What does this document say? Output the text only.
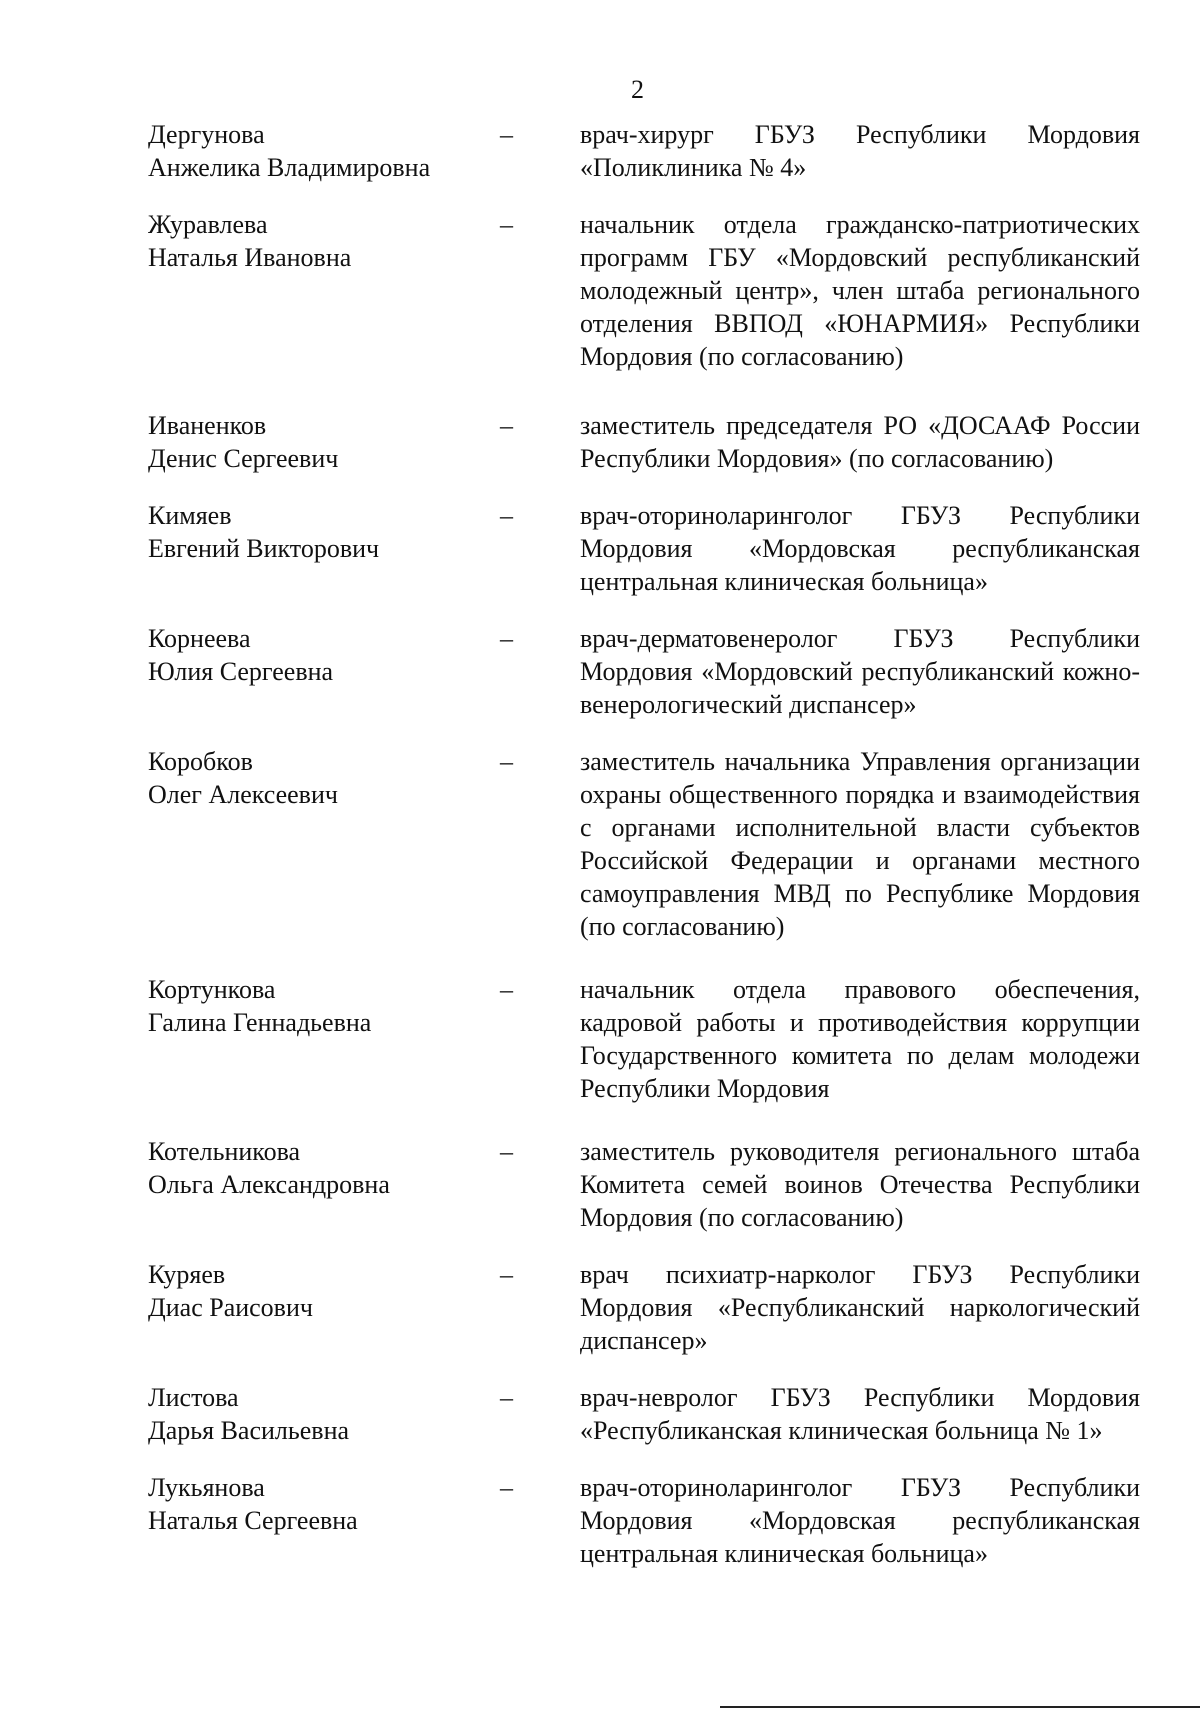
2
Дергунова
Анжелика Владимировна
–	врач-хирург ГБУЗ Республики Мордовия «Поликлиника № 4»
Журавлева
Наталья Ивановна
–	начальник отдела гражданско-патриотических программ ГБУ «Мордовский республиканский молодежный центр», член штаба регионального отделения ВВПОД «ЮНАРМИЯ» Республики Мордовия (по согласованию)
Иваненков
Денис Сергеевич
–	заместитель председателя РО «ДОСААФ России Республики Мордовия» (по согласованию)
Кимяев
Евгений Викторович
–	врач-оториноларинголог ГБУЗ Республики Мордовия «Мордовская республиканская центральная клиническая больница»
Корнеева
Юлия Сергеевна
–	врач-дерматовенеролог ГБУЗ Республики Мордовия «Мордовский республиканский кожно-венерологический диспансер»
Коробков
Олег Алексеевич
–	заместитель начальника Управления организации охраны общественного порядка и взаимодействия с органами исполнительной власти субъектов Российской Федерации и органами местного самоуправления МВД по Республике Мордовия (по согласованию)
Кортункова
Галина Геннадьевна
–	начальник отдела правового обеспечения, кадровой работы и противодействия коррупции Государственного комитета по делам молодежи Республики Мордовия
Котельникова
Ольга Александровна
–	заместитель руководителя регионального штаба Комитета семей воинов Отечества Республики Мордовия (по согласованию)
Куряев
Диас Раисович
–	врач психиатр-нарколог ГБУЗ Республики Мордовия «Республиканский наркологический диспансер»
Листова
Дарья Васильевна
–	врач-невролог ГБУЗ Республики Мордовия «Республиканская клиническая больница № 1»
Лукьянова
Наталья Сергеевна
–	врач-оториноларинголог ГБУЗ Республики Мордовия «Мордовская республиканская центральная клиническая больница»
